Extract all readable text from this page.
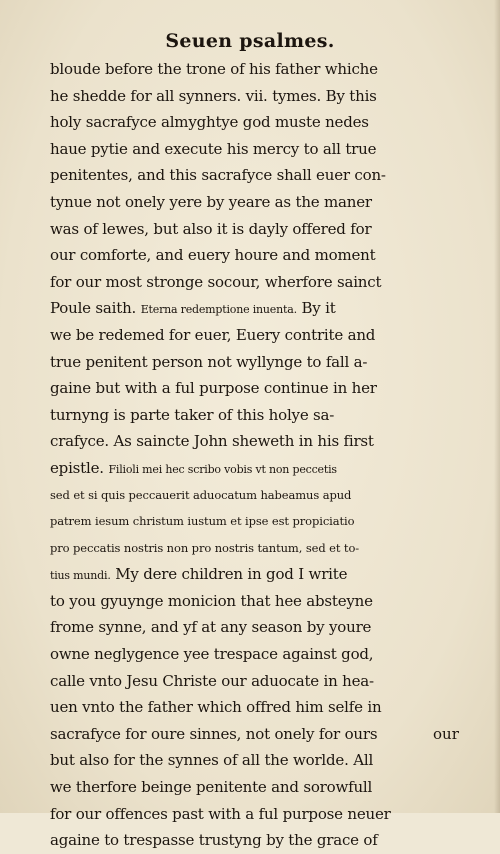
Seuen psalmes.
bloude before the trone of his father whiche
he shedde for all synners. vii. tymes. By this
holy sacrafyce almyghtye god muste nedes
haue pytie and execute his mercy to all true
penitentes, and this sacrafyce shall euer con-
tynue not onely yere by yeare as the maner
was of lewes, but also it is dayly offered for
our comforte, and euery houre and moment
for our most stronge socour, wherfore sainct
Poule saith. Eterna redemptione inuenta. By it
we be redemed for euer, Euery contrite and
true penitent person not wyllynge to fall a-
gaine but with a ful purpose continue in her
turnyng is parte taker of this holye sa-
crafyce. As saincte John sheweth in his first
epistle. Filioli mei hec scribo vobis vt non peccetis
sed et si quis peccauerit aduocatum habeamus apud
patrem iesum christum iustum et ipse est propiciatio
pro peccatis nostris non pro nostris tantum, sed et to-
tius mundi. My dere children in god I write
to you gyuynge monicion that hee absteyne
frome synne, and yf at any season by youre
owne neglygence yee trespace against god,
calle vnto Jesu Christe our aduocate in hea-
uen vnto the father which offred him selfe in
sacrafyce for oure sinnes, not onely for ours
but also for the synnes of all the worlde. All
we therfore beinge penitente and sorowfull
for our offences past with a ful purpose neuer
againe to trespasse trustyng by the grace of
our
